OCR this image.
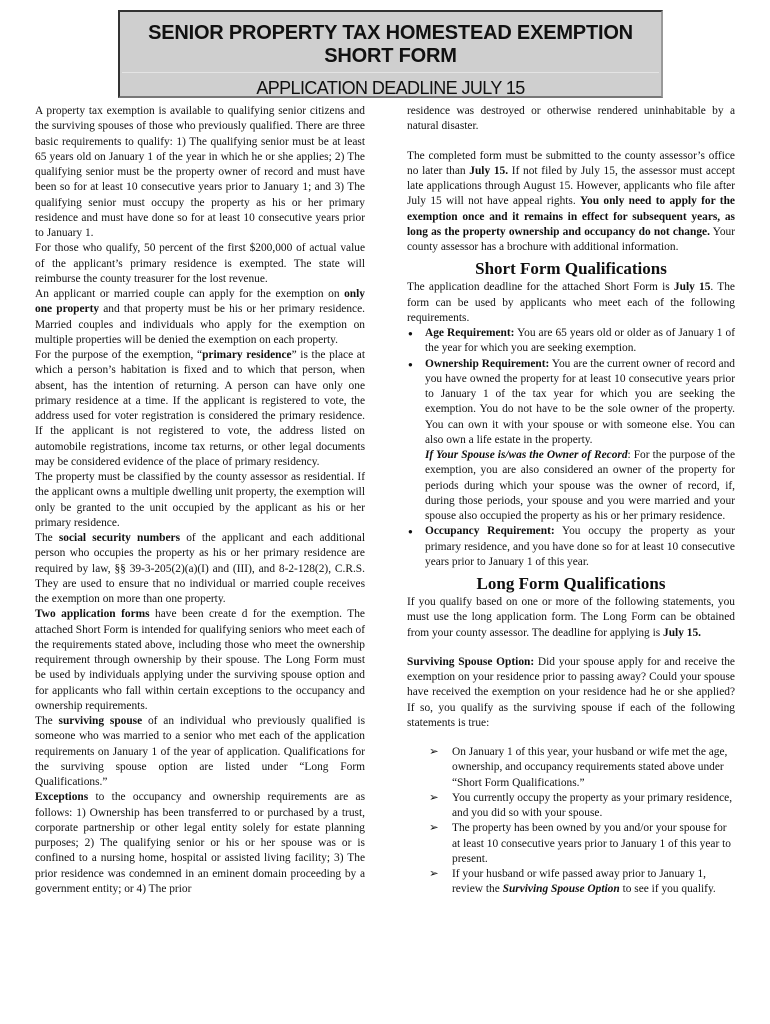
SENIOR PROPERTY TAX HOMESTEAD EXEMPTION
SHORT FORM
APPLICATION DEADLINE JULY 15

A property tax exemption is available to qualifying senior citizens and the surviving spouses of those who previously qualified. There are three basic requirements to qualify: 1) The qualifying senior must be at least 65 years old on January 1 of the year in which he or she applies; 2) The qualifying senior must be the property owner of record and must have been so for at least 10 consecutive years prior to January 1; and 3) The qualifying senior must occupy the property as his or her primary residence and must have done so for at least 10 consecutive years prior to January 1.

For those who qualify, 50 percent of the first $200,000 of actual value of the applicant’s primary residence is exempted. The state will reimburse the county treasurer for the lost revenue.

An applicant or married couple can apply for the exemption on only one property and that property must be his or her primary residence. Married couples and individuals who apply for the exemption on multiple properties will be denied the exemption on each property.

For the purpose of the exemption, “primary residence” is the place at which a person’s habitation is fixed and to which that person, when absent, has the intention of returning. A person can have only one primary residence at a time. If the applicant is registered to vote, the address used for voter registration is considered the primary residence. If the applicant is not registered to vote, the address listed on automobile registrations, income tax returns, or other legal documents may be considered evidence of the place of primary residency.

The property must be classified by the county assessor as residential. If the applicant owns a multiple dwelling unit property, the exemption will only be granted to the unit occupied by the applicant as his or her primary residence.

The social security numbers of the applicant and each additional person who occupies the property as his or her primary residence are required by law, §§ 39-3-205(2)(a)(I) and (III), and 8-2-128(2), C.R.S. They are used to ensure that no individual or married couple receives the exemption on more than one property.

Two application forms have been create d for the exemption. The attached Short Form is intended for qualifying seniors who meet each of the requirements stated above, including those who meet the ownership requirement through ownership by their spouse. The Long Form must be used by individuals applying under the surviving spouse option and for applicants who fall within certain exceptions to the occupancy and ownership requirements.

The surviving spouse of an individual who previously qualified is someone who was married to a senior who met each of the application requirements on January 1 of the year of application. Qualifications for the surviving spouse option are listed under “Long Form Qualifications.”

Exceptions to the occupancy and ownership requirements are as follows: 1) Ownership has been transferred to or purchased by a trust, corporate partnership or other legal entity solely for estate planning purposes; 2) The qualifying senior or his or her spouse was or is confined to a nursing home, hospital or assisted living facility; 3) The prior residence was condemned in an eminent domain proceeding by a government entity; or 4) The prior

residence was destroyed or otherwise rendered uninhabitable by a natural disaster.

The completed form must be submitted to the county assessor’s office no later than July 15. If not filed by July 15, the assessor must accept late applications through August 15. However, applicants who file after July 15 will not have appeal rights. You only need to apply for the exemption once and it remains in effect for subsequent years, as long as the property ownership and occupancy do not change. Your county assessor has a brochure with additional information.

Short Form Qualifications

The application deadline for the attached Short Form is July 15. The form can be used by applicants who meet each of the following requirements.

● Age Requirement: You are 65 years old or older as of January 1 of the year for which you are seeking exemption.
● Ownership Requirement: You are the current owner of record and you have owned the property for at least 10 consecutive years prior to January 1 of the tax year for which you are seeking the exemption. You do not have to be the sole owner of the property. You can own it with your spouse or with someone else. You can also own a life estate in the property.
If Your Spouse is/was the Owner of Record: For the purpose of the exemption, you are also considered an owner of the property for periods during which your spouse was the owner of record, if, during those periods, your spouse and you were married and your spouse also occupied the property as his or her primary residence.
● Occupancy Requirement: You occupy the property as your primary residence, and you have done so for at least 10 consecutive years prior to January 1 of this year.
Long Form Qualifications

If you qualify based on one or more of the following statements, you must use the long application form. The Long Form can be obtained from your county assessor. The deadline for applying is July 15.

Surviving Spouse Option: Did your spouse apply for and receive the exemption on your residence prior to passing away? Could your spouse have received the exemption on your residence had he or she applied? If so, you qualify as the surviving spouse if each of the following statements is true:

➢ On January 1 of this year, your husband or wife met the age, ownership, and occupancy requirements stated above under “Short Form Qualifications.”
➢ You currently occupy the property as your primary residence, and you did so with your spouse.
➢ The property has been owned by you and/or your spouse for at least 10 consecutive years prior to January 1 of this year to present.
➢ If your husband or wife passed away prior to January 1, review the Surviving Spouse Option to see if you qualify.
